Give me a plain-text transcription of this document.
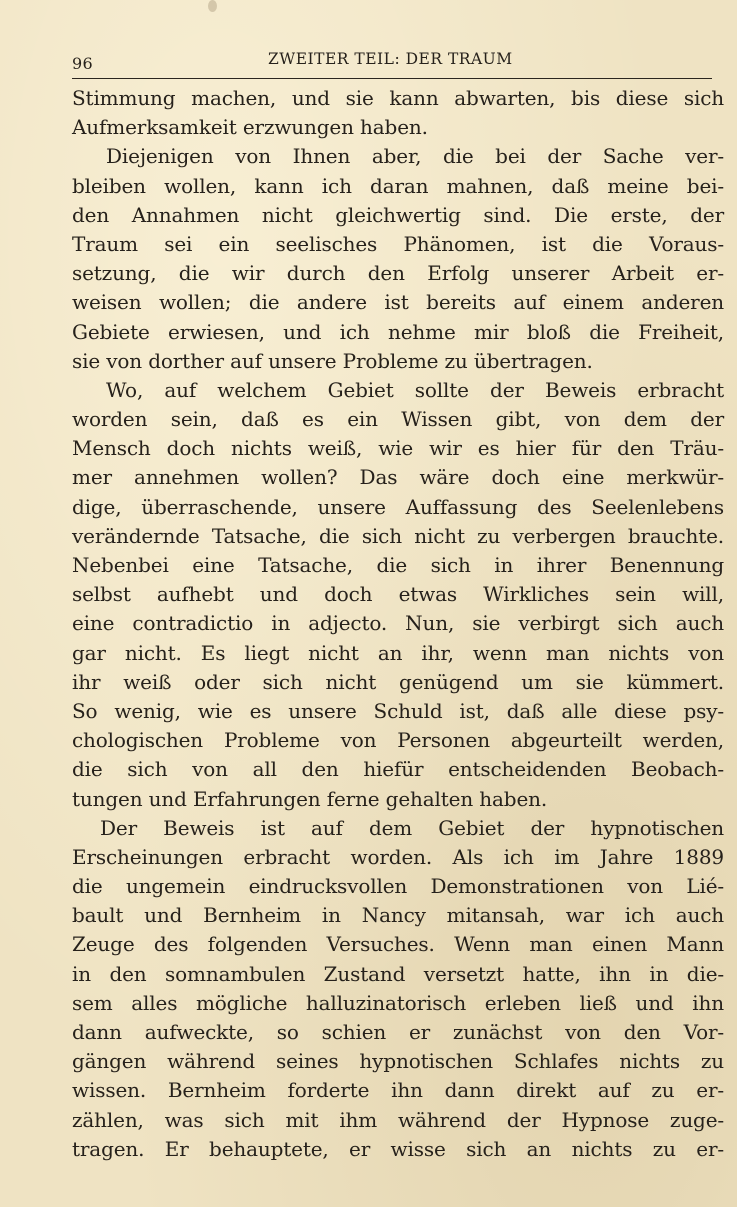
96	ZWEITER TEIL: DER TRAUM
Stimmung machen, und sie kann abwarten, bis diese sich
Aufmerksamkeit erzwungen haben.
Diejenigen von Ihnen aber, die bei der Sache ver-
bleiben wollen, kann ich daran mahnen, daß meine bei-
den Annahmen nicht gleichwertig sind. Die erste, der
Traum sei ein seelisches Phänomen, ist die Voraus-
setzung, die wir durch den Erfolg unserer Arbeit er-
weisen wollen; die andere ist bereits auf einem anderen
Gebiete erwiesen, und ich nehme mir bloß die Freiheit,
sie von dorther auf unsere Probleme zu übertragen.
Wo, auf welchem Gebiet sollte der Beweis erbracht
worden sein, daß es ein Wissen gibt, von dem der
Mensch doch nichts weiß, wie wir es hier für den Träu-
mer annehmen wollen? Das wäre doch eine merkwür-
dige, überraschende, unsere Auffassung des Seelenlebens
verändernde Tatsache, die sich nicht zu verbergen brauchte.
Nebenbei eine Tatsache, die sich in ihrer Benennung
selbst aufhebt und doch etwas Wirkliches sein will,
eine contradictio in adjecto. Nun, sie verbirgt sich auch
gar nicht. Es liegt nicht an ihr, wenn man nichts von
ihr weiß oder sich nicht genügend um sie kümmert.
So wenig, wie es unsere Schuld ist, daß alle diese psy-
chologischen Probleme von Personen abgeurteilt werden,
die sich von all den hiefür entscheidenden Beobach-
tungen und Erfahrungen ferne gehalten haben.
Der Beweis ist auf dem Gebiet der hypnotischen
Erscheinungen erbracht worden. Als ich im Jahre 1889
die ungemein eindrucksvollen Demonstrationen von Lié-
bault und Bernheim in Nancy mitansah, war ich auch
Zeuge des folgenden Versuches. Wenn man einen Mann
in den somnambulen Zustand versetzt hatte, ihn in die-
sem alles mögliche halluzinatorisch erleben ließ und ihn
dann aufweckte, so schien er zunächst von den Vor-
gängen während seines hypnotischen Schlafes nichts zu
wissen. Bernheim forderte ihn dann direkt auf zu er-
zählen, was sich mit ihm während der Hypnose zuge-
tragen. Er behauptete, er wisse sich an nichts zu er-
